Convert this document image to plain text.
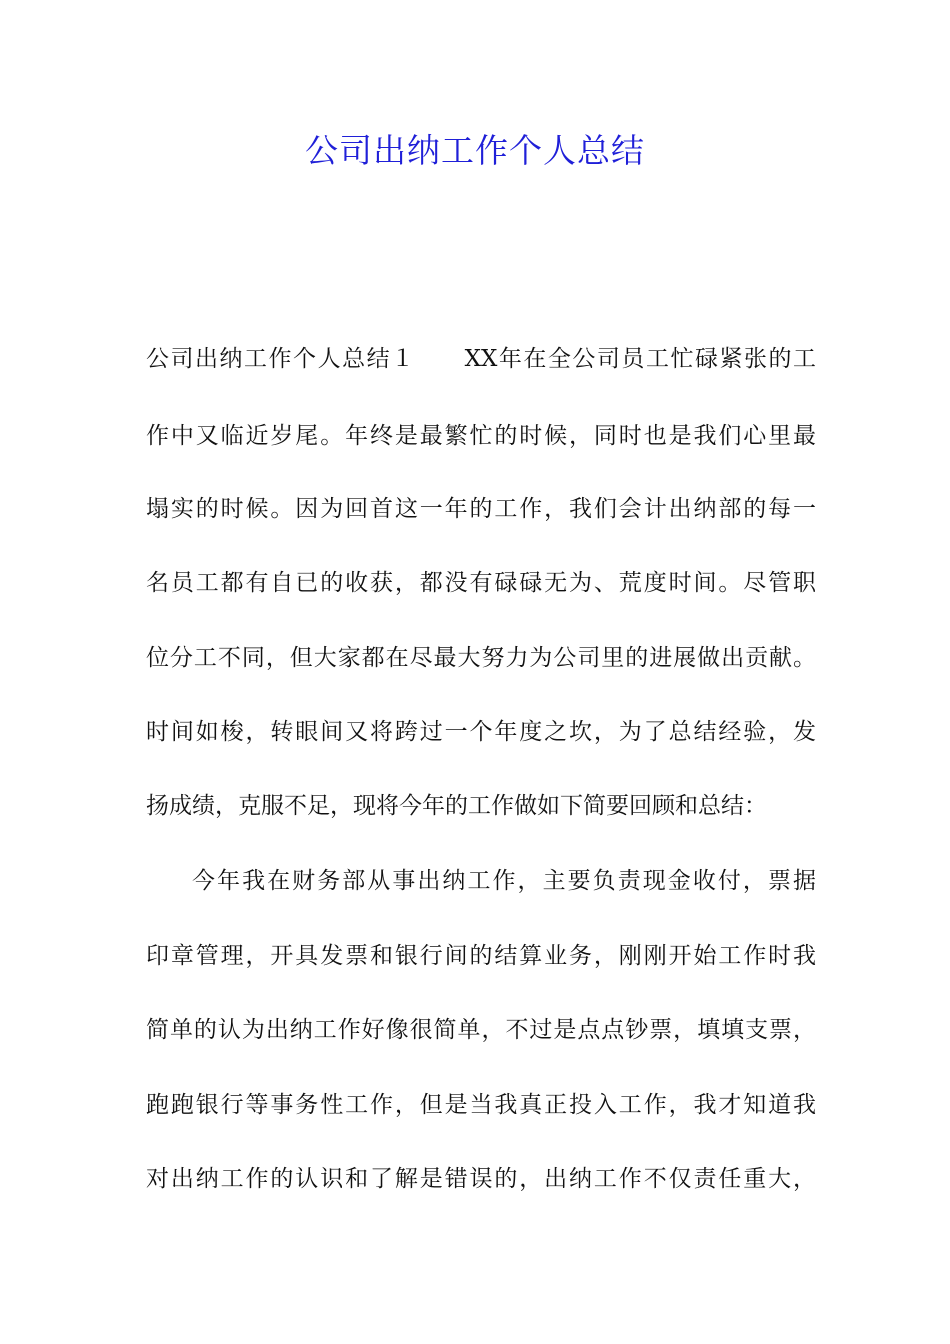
公司出纳工作个人总结

公司出纳工作个人总结１　　XX年在全公司员工忙碌紧张的工

作中又临近岁尾。年终是最繁忙的时候，同时也是我们心里最

塌实的时候。因为回首这一年的工作，我们会计出纳部的每一

名员工都有自已的收获，都没有碌碌无为、荒度时间。尽管职

位分工不同，但大家都在尽最大努力为公司里的进展做出贡献。

时间如梭，转眼间又将跨过一个年度之坎，为了总结经验，发

扬成绩，克服不足，现将今年的工作做如下简要回顾和总结：

今年我在财务部从事出纳工作，主要负责现金收付，票据

印章管理，开具发票和银行间的结算业务，刚刚开始工作时我

简单的认为出纳工作好像很简单，不过是点点钞票，填填支票，

跑跑银行等事务性工作，但是当我真正投入工作，我才知道我

对出纳工作的认识和了解是错误的，出纳工作不仅责任重大，
